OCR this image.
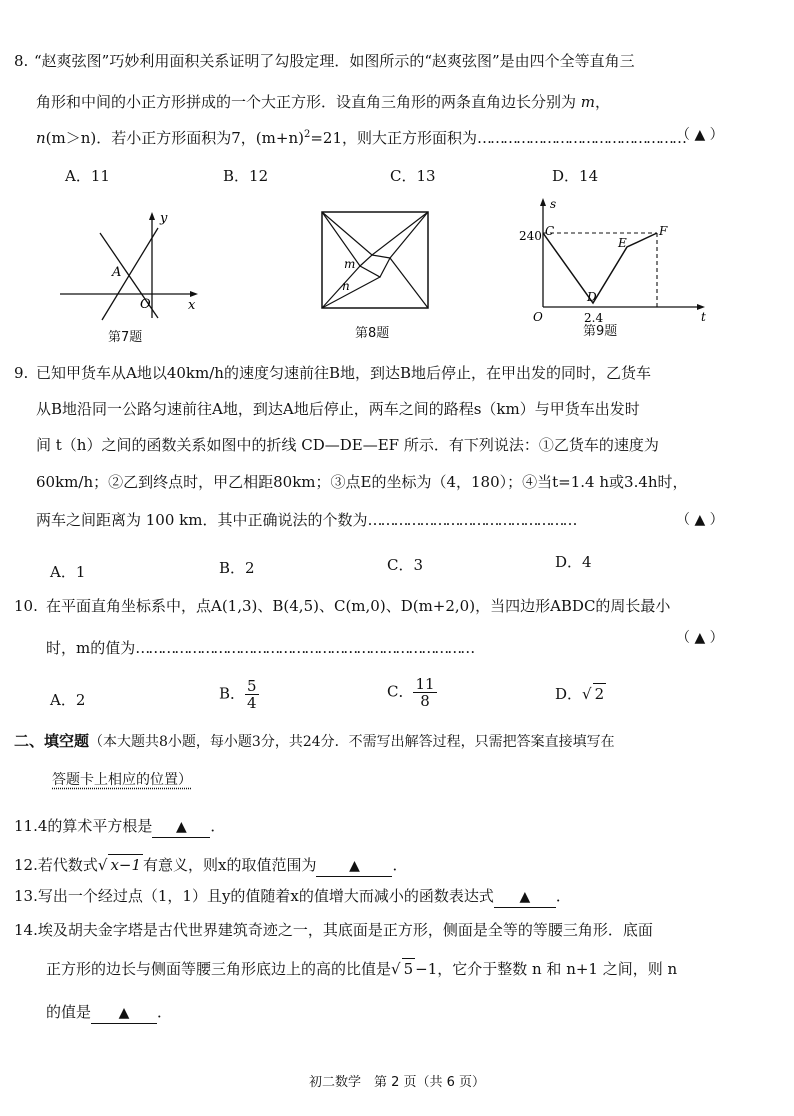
8. “赵爽弦图”巧妙利用面积关系证明了勾股定理．如图所示的“赵爽弦图”是由四个全等直角三
角形和中间的小正方形拼成的一个大正方形．设直角三角形的两条直角边长分别为 m，
n(m＞n)．若小正方形面积为7，$(m+n)^2=21$，则大正方形面积为…………………………………………
（ ▲ ）
A．11	B．12	C．13	D．14
y
x
O
A
第7题
m
n
第8题
s
t
O
240 C
D
E
F
2.4
第9题
9. 已知甲货车从A地以40km/h的速度匀速前往B地，到达B地后停止，在甲出发的同时，乙货车
从B地沿同一公路匀速前往A地，到达A地后停止，两车之间的路程s（km）与甲货车出发时
间 t（h）之间的函数关系如图中的折线 CD—DE—EF 所示．有下列说法：①乙货车的速度为
60km/h；②乙到终点时，甲乙相距80km；③点E的坐标为（4，180）；④当t=1.4 h或3.4h时，
两车之间距离为 100 km．其中正确说法的个数为…………………………………………	（ ▲ ）
A．1	B．2	C．3	D．4
10. 在平面直角坐标系中，点A(1,3)、B(4,5)、C(m,0)、D(m+2,0)，当四边形ABDC的周长最小
时，m的值为……………………………………………………………………
（ ▲ ）
A．2	B． $\frac{5}{4}$	C． $\frac{11}{8}$	D．√ 2
二、填空题（本大题共8小题，每小题3分，共24分．不需写出解答过程，只需把答案直接填写在
答题卡上相应的位置）
11.4的算术平方根是 ▲ ．
12.若代数式√ x−1 有意义，则x的取值范围为 ▲ ．
13.写出一个经过点（1，1）且y的值随着x的值增大而减小的函数表达式 ▲ ．
14.埃及胡夫金字塔是古代世界建筑奇迹之一，其底面是正方形，侧面是全等的等腰三角形．底面
正方形的边长与侧面等腰三角形底边上的高的比值是√ 5 −1，它介于整数 n 和 n+1 之间，则 n
的值是 ▲ ．
初二数学　第 2 页（共 6 页）
